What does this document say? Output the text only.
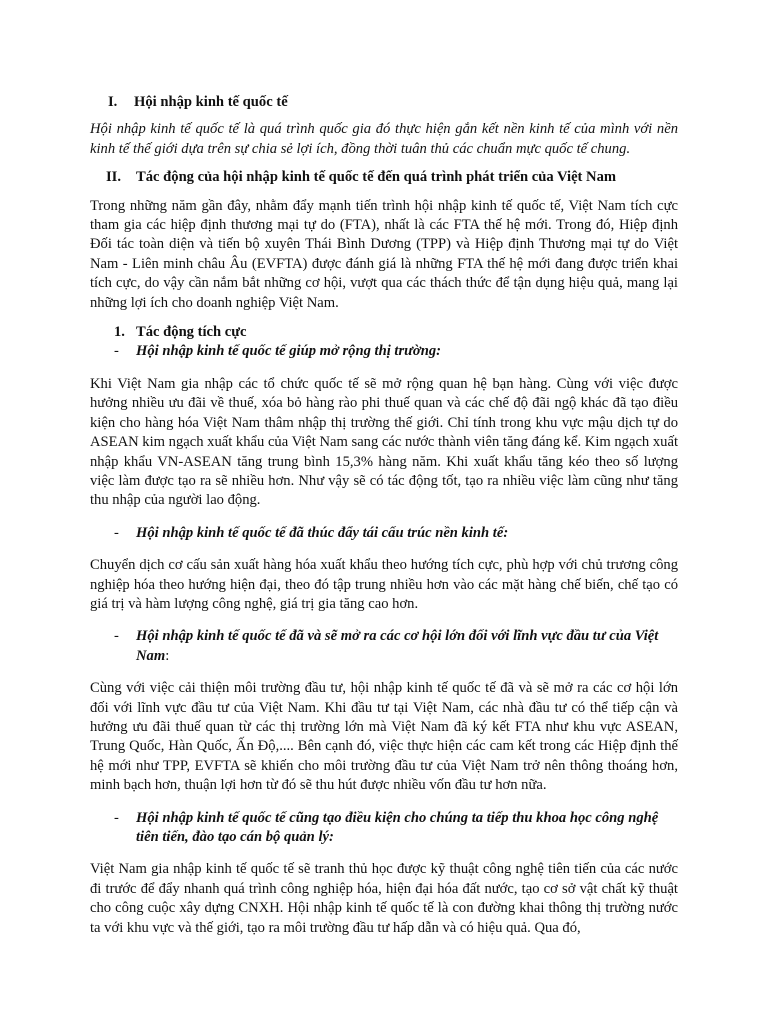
I.	Hội nhập kinh tế quốc tế

Hội nhập kinh tế quốc tế là quá trình quốc gia đó thực hiện gắn kết nền kinh tế của mình với nền kinh tế thế giới dựa trên sự chia sẻ lợi ích, đồng thời tuân thủ các chuẩn mực quốc tế chung.

II.	Tác động của hội nhập kinh tế quốc tế đến quá trình phát triển của Việt Nam

Trong những năm gần đây, nhằm đẩy mạnh tiến trình hội nhập kinh tế quốc tế, Việt Nam tích cực tham gia các hiệp định thương mại tự do (FTA), nhất là các FTA thế hệ mới. Trong đó, Hiệp định Đối tác toàn diện và tiến bộ xuyên Thái Bình Dương (TPP) và Hiệp định Thương mại tự do Việt Nam - Liên minh châu Âu (EVFTA) được đánh giá là những FTA thế hệ mới đang được triển khai tích cực, do vậy cần nắm bắt những cơ hội, vượt qua các thách thức để tận dụng hiệu quả, mang lại những lợi ích cho doanh nghiệp Việt Nam.

1. Tác động tích cực
-	Hội nhập kinh tế quốc tế giúp mở rộng thị trường:

Khi Việt Nam gia nhập các tổ chức quốc tế sẽ mở rộng quan hệ bạn hàng. Cùng với việc được hưởng nhiều ưu đãi về thuế, xóa bỏ hàng rào phi thuế quan và các chế độ đãi ngộ khác đã tạo điều kiện cho hàng hóa Việt Nam thâm nhập thị trường thế giới. Chỉ tính trong khu vực mậu dịch tự do ASEAN kim ngạch xuất khẩu của Việt Nam sang các nước thành viên tăng đáng kể. Kim ngạch xuất nhập khẩu VN-ASEAN tăng trung bình 15,3% hàng năm. Khi xuất khẩu tăng kéo theo số lượng việc làm được tạo ra sẽ nhiều hơn. Như vậy sẽ có tác động tốt, tạo ra nhiều việc làm cũng như tăng thu nhập của người lao động.

-	Hội nhập kinh tế quốc tế đã thúc đẩy tái cấu trúc nền kinh tế:

Chuyển dịch cơ cấu sản xuất hàng hóa xuất khẩu theo hướng tích cực, phù hợp với chủ trương công nghiệp hóa theo hướng hiện đại, theo đó tập trung nhiều hơn vào các mặt hàng chế biến, chế tạo có giá trị và hàm lượng công nghệ, giá trị gia tăng cao hơn.

-	Hội nhập kinh tế quốc tế đã và sẽ mở ra các cơ hội lớn đối với lĩnh vực đầu tư của Việt Nam:

Cùng với việc cải thiện môi trường đầu tư, hội nhập kinh tế quốc tế đã và sẽ mở ra các cơ hội lớn đối với lĩnh vực đầu tư của Việt Nam. Khi đầu tư tại Việt Nam, các nhà đầu tư có thể tiếp cận và hưởng ưu đãi thuế quan từ các thị trường lớn mà Việt Nam đã ký kết FTA như khu vực ASEAN, Trung Quốc, Hàn Quốc, Ấn Độ,.... Bên cạnh đó, việc thực hiện các cam kết trong các Hiệp định thế hệ mới như TPP, EVFTA sẽ khiến cho môi trường đầu tư của Việt Nam trở nên thông thoáng hơn, minh bạch hơn, thuận lợi hơn từ đó sẽ thu hút được nhiều vốn đầu tư hơn nữa.

-	Hội nhập kinh tế quốc tế cũng tạo điều kiện cho chúng ta tiếp thu khoa học công nghệ tiên tiến, đào tạo cán bộ quản lý:

Việt Nam gia nhập kinh tế quốc tế sẽ tranh thủ học được kỹ thuật công nghệ tiên tiến của các nước đi trước để đẩy nhanh quá trình công nghiệp hóa, hiện đại hóa đất nước, tạo cơ sở vật chất kỹ thuật cho công cuộc xây dựng CNXH. Hội nhập kinh tế quốc tế là con đường khai thông thị trường nước ta với khu vực và thế giới, tạo ra môi trường đầu tư hấp dẫn và có hiệu quả. Qua đó,
